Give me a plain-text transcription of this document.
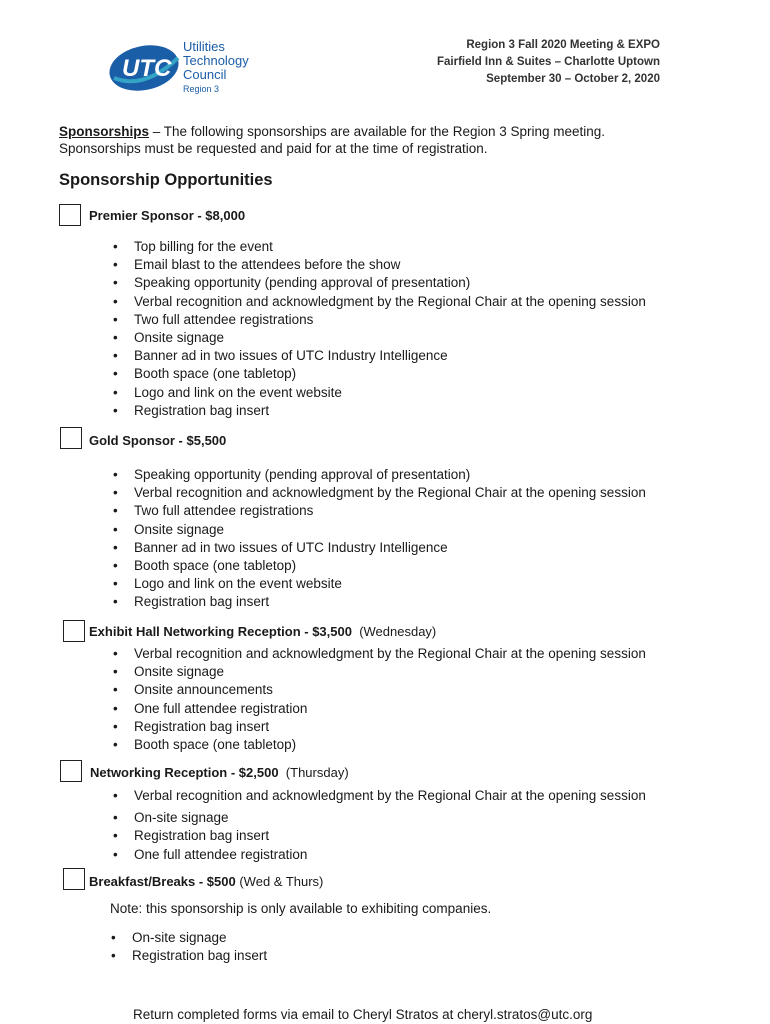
UTC
Utilities
Technology
Council
Region 3
Region 3 Fall 2020 Meeting & EXPO
Fairfield Inn & Suites – Charlotte Uptown
September 30 – October 2, 2020
Sponsorships – The following sponsorships are available for the Region 3 Spring meeting.
Sponsorships must be requested and paid for at the time of registration.
Sponsorship Opportunities
Premier Sponsor - $8,000
• Top billing for the event
• Email blast to the attendees before the show
• Speaking opportunity (pending approval of presentation)
• Verbal recognition and acknowledgment by the Regional Chair at the opening session
• Two full attendee registrations
• Onsite signage
• Banner ad in two issues of UTC Industry Intelligence
• Booth space (one tabletop)
• Logo and link on the event website
• Registration bag insert
Gold Sponsor - $5,500
• Speaking opportunity (pending approval of presentation)
• Verbal recognition and acknowledgment by the Regional Chair at the opening session
• Two full attendee registrations
• Onsite signage
• Banner ad in two issues of UTC Industry Intelligence
• Booth space (one tabletop)
• Logo and link on the event website
• Registration bag insert
Exhibit Hall Networking Reception - $3,500 (Wednesday)
• Verbal recognition and acknowledgment by the Regional Chair at the opening session
• Onsite signage
• Onsite announcements
• One full attendee registration
• Registration bag insert
• Booth space (one tabletop)
Networking Reception - $2,500 (Thursday)
• Verbal recognition and acknowledgment by the Regional Chair at the opening session
• On-site signage
• Registration bag insert
• One full attendee registration
Breakfast/Breaks - $500 (Wed & Thurs)
Note: this sponsorship is only available to exhibiting companies.
• On-site signage
• Registration bag insert
Return completed forms via email to Cheryl Stratos at cheryl.stratos@utc.org
